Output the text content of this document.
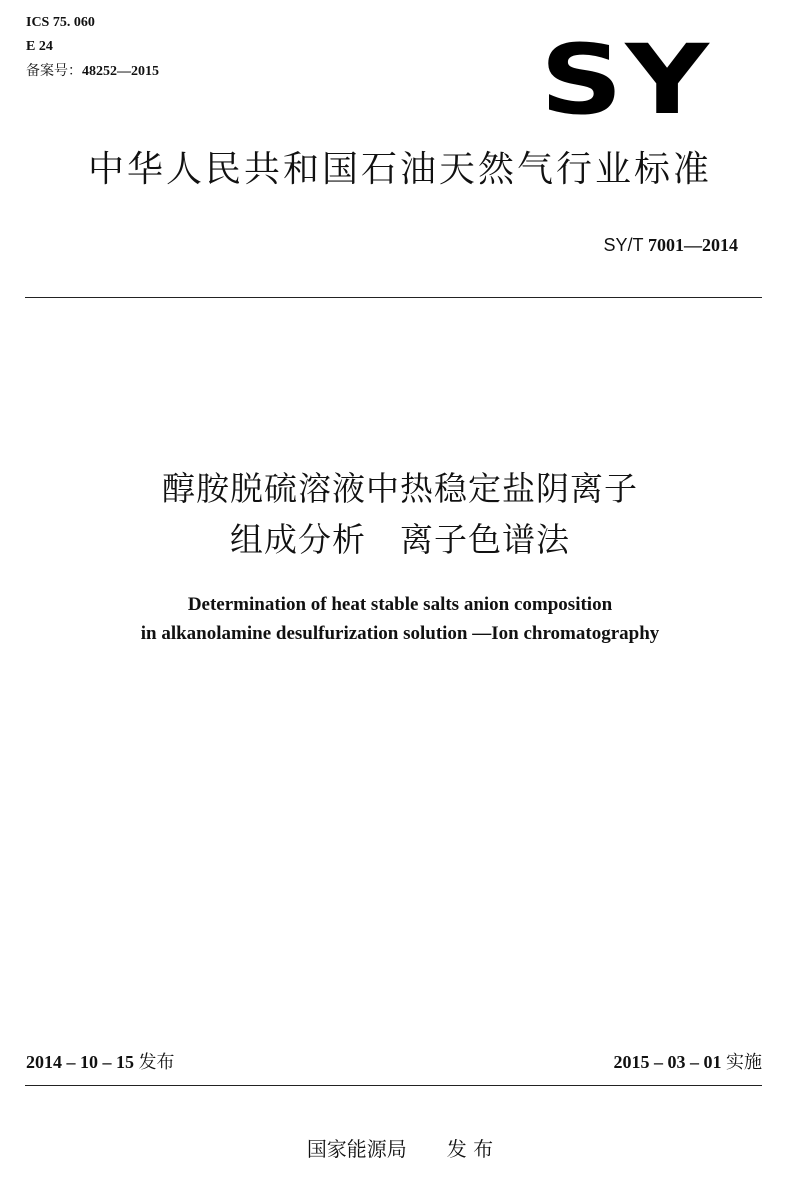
ICS 75. 060
E 24
备案号：48252—2015	SY
中华人民共和国石油天然气行业标准
SY/T 7001—2014
醇胺脱硫溶液中热稳定盐阴离子
组成分析　离子色谱法
Determination of heat stable salts anion composition
in alkanolamine desulfurization solution —Ion chromatography
2014 – 10 – 15 发布	2015 – 03 – 01 实施
国家能源局　　发 布
